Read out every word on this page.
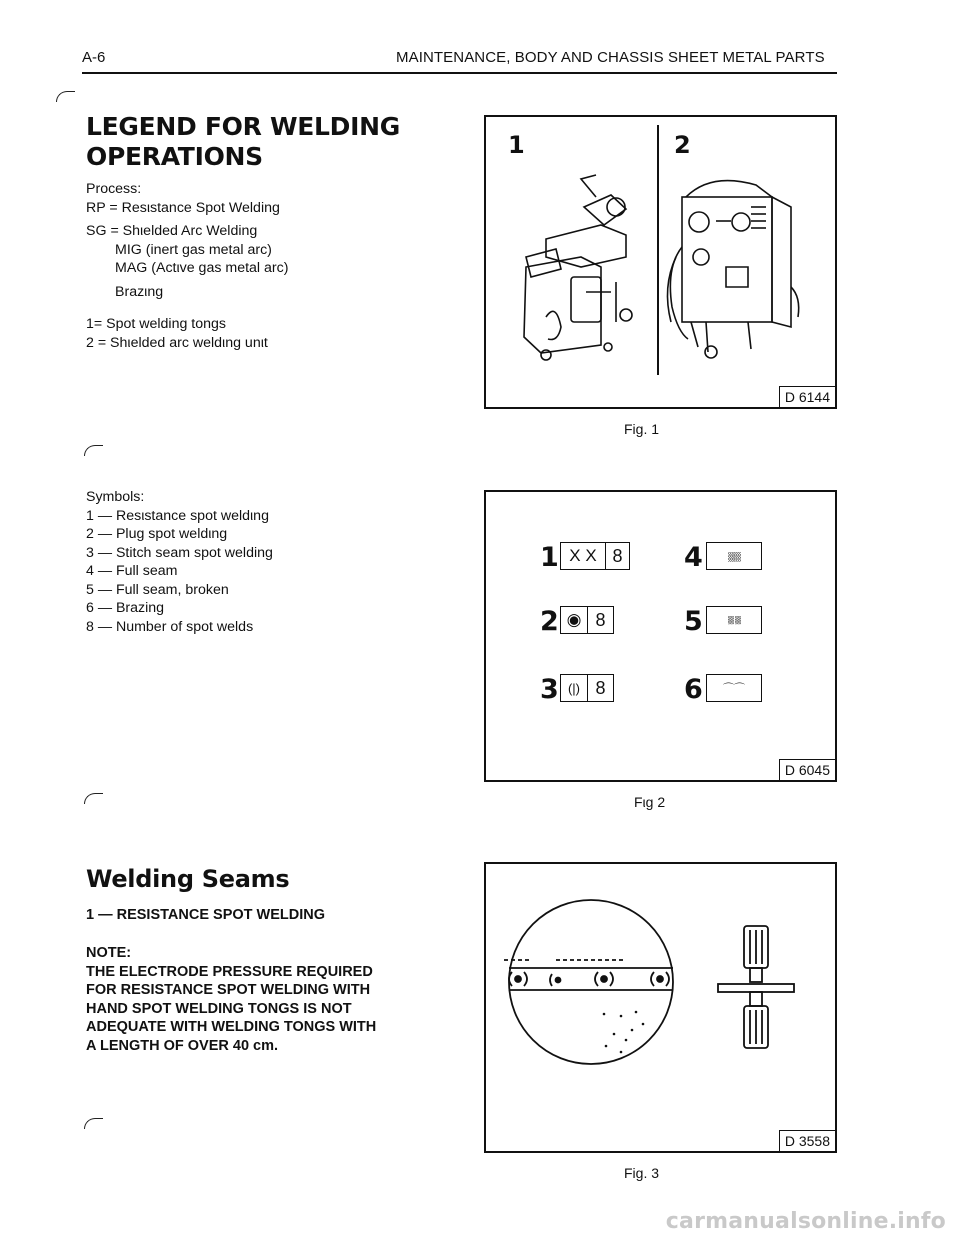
A-6	MAINTENANCE, BODY AND CHASSIS SHEET METAL PARTS
LEGEND FOR WELDING
OPERATIONS
Process:
RP = Resιstance Spot Welding
SG = Shιelded Arc Welding
MIG (inert gas metal arc)
MAG (Actιve gas metal arc)
Brazιng
1= Spot welding tongs
2 = Shιelded arc weldιng unιt
Symbols:
1 — Resιstance spot weldιng
2 — Plug spot weldιng
3 — Stitch seam spot welding
4 — Full seam
5 — Full seam, broken
6 — Brazing
8 — Number of spot welds
Welding Seams
1 — RESISTANCE SPOT WELDING
NOTE:
THE ELECTRODE PRESSURE REQUIRED
FOR RESISTANCE SPOT WELDING WITH
HAND SPOT WELDING TONGS IS NOT
ADEQUATE WITH WELDING TONGS WITH
A LENGTH OF OVER 40 cm.
1	2
D 6144
Fig. 1
1 X X 8 4	⸾⸾⸾⸾⸾⸾⸾
2 ◉ 8	5	⸾⸾⸾⸾ ⸾⸾⸾⸾
3 (|) 8	6	⌒⌒
D 6045
Fιg 2
D 3558
Fig. 3
carmanualsonline.info
